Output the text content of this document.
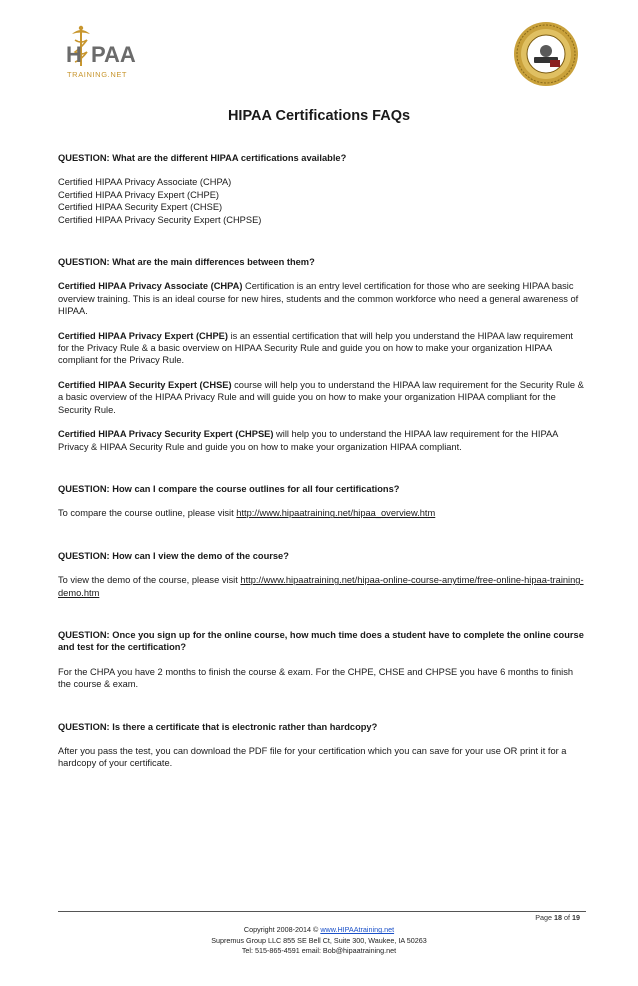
H PAA
TRAINING.NET
HIPAA Certifications FAQs
QUESTION: What are the different HIPAA certifications available?
Certified HIPAA Privacy Associate (CHPA)
Certified HIPAA Privacy Expert (CHPE)
Certified HIPAA Security Expert (CHSE)
Certified HIPAA Privacy Security Expert (CHPSE)
QUESTION: What are the main differences between them?

Certified HIPAA Privacy Associate (CHPA) Certification is an entry level certification for those who are seeking HIPAA basic overview training. This is an ideal course for new hires, students and the common workforce who need a general awareness of HIPAA.

Certified HIPAA Privacy Expert (CHPE) is an essential certification that will help you understand the HIPAA law requirement for the Privacy Rule & a basic overview on HIPAA Security Rule and guide you on how to make your organization HIPAA compliant for the Privacy Rule.

Certified HIPAA Security Expert (CHSE) course will help you to understand the HIPAA law requirement for the Security Rule & a basic overview of the HIPAA Privacy Rule and will guide you on how to make your organization HIPAA compliant for the Security Rule.

Certified HIPAA Privacy Security Expert (CHPSE) will help you to understand the HIPAA law requirement for the HIPAA Privacy & HIPAA Security Rule and guide you on how to make your organization HIPAA compliant.

QUESTION: How can I compare the course outlines for all four certifications?

To compare the course outline, please visit http://www.hipaatraining.net/hipaa_overview.htm

QUESTION: How can I view the demo of the course?

To view the demo of the course, please visit http://www.hipaatraining.net/hipaa-online-course-anytime/free-online-hipaa-training-demo.htm

QUESTION: Once you sign up for the online course, how much time does a student have to complete the online course and test for the certification?

For the CHPA you have 2 months to finish the course & exam. For the CHPE, CHSE and CHPSE you have 6 months to finish the course & exam.

QUESTION: Is there a certificate that is electronic rather than hardcopy?

After you pass the test, you can download the PDF file for your certification which you can save for your use OR print it for a hardcopy of your certificate.

Page 18 of 19
Copyright 2008-2014 © www.HIPAAtraining.net
Supremus Group LLC 855 SE Bell Ct, Suite 300, Waukee, IA 50263
Tel: 515-865-4591 email: Bob@hipaatraining.net
